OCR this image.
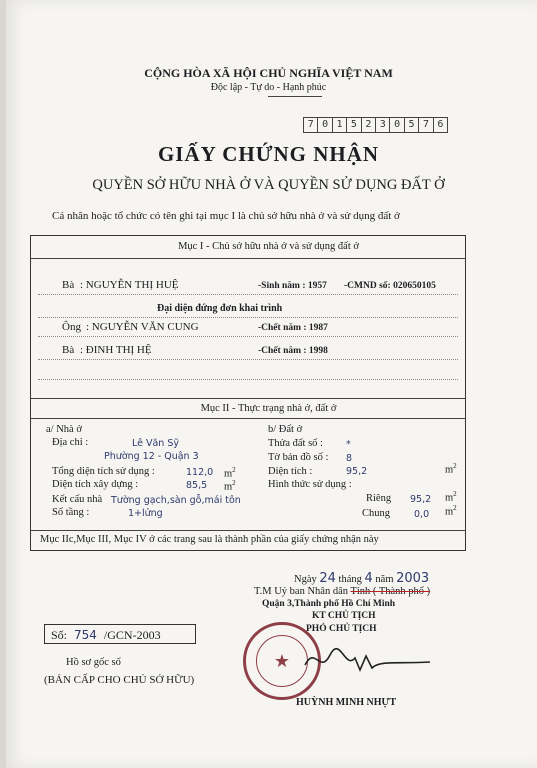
CỘNG HÒA XÃ HỘI CHỦ NGHĨA VIỆT NAM
Độc lập - Tự do - Hạnh phúc
7 0 1 5 2 3 0 5 7 6
GIẤY CHỨNG NHẬN
QUYỀN SỞ HỮU NHÀ Ở VÀ QUYỀN SỬ DỤNG ĐẤT Ở
Cá nhân hoặc tổ chức có tên ghi tại mục I là chủ sở hữu nhà ở và sử dụng đất ở
Mục I - Chủ sở hữu nhà ở và sử dụng đất ở
Bà : NGUYỄN THỊ HUỆ	-Sinh năm : 1957 -CMND số: 020650105
Đại diện đứng đơn khai trình
Ông : NGUYỄN VĂN CUNG	-Chết năm : 1987
Bà : ĐINH THỊ HỆ	-Chết năm : 1998
Mục II - Thực trạng nhà ở, đất ở
a/ Nhà ở
Địa chỉ :	Lê Văn Sỹ
Phường 12 - Quận 3
Tổng diện tích sử dụng :	112,0 $m^2$
Diện tích xây dựng :	85,5 $m^2$
Kết cấu nhà Tường gạch,sàn gỗ,mái tôn
Số tầng :	1+lửng
b/ Đất ở
Thửa đất số : *
Tờ bản đồ số : 8
Diện tích :	95,2	$m^2$
Hình thức sử dụng :
Riêng 95,2 $m^2$
Chung	0,0 $m^2$
Mục IIc,Mục III, Mục IV ở các trang sau là thành phần của giấy chứng nhận này
Ngày 24 tháng 4 năm 2003
T.M Uỷ ban Nhân dân Tỉnh ( Thành phố )
Quận 3,Thành phố Hồ Chí Minh
KT CHỦ TỊCH
PHÓ CHỦ TỊCH
★
HUỲNH MINH NHỰT
Số: 754 /GCN-2003
Hồ sơ gốc số
(BẢN CẤP CHO CHỦ SỞ HỮU)
